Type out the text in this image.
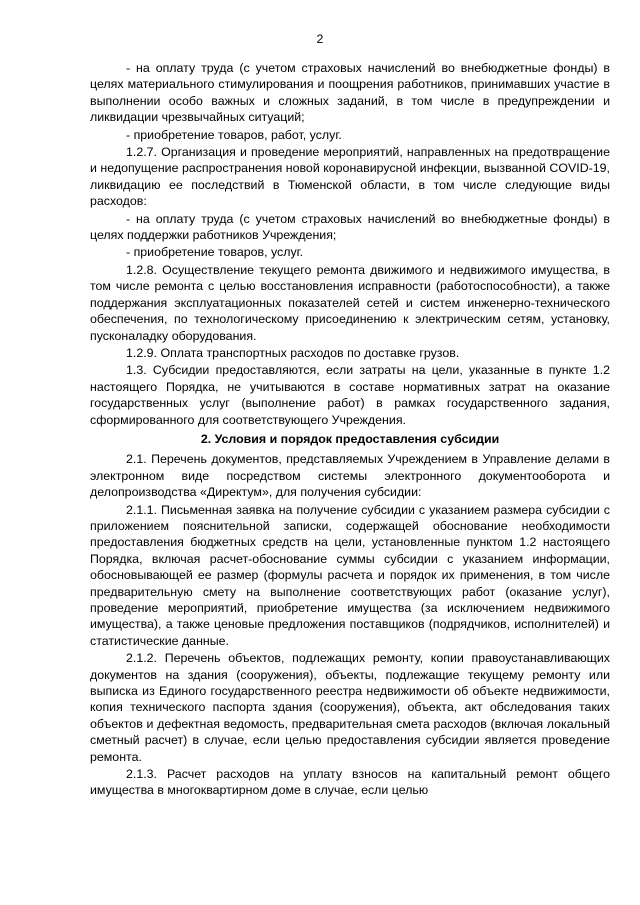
2

- на оплату труда (с учетом страховых начислений во внебюджетные фонды) в целях материального стимулирования и поощрения работников, принимавших участие в выполнении особо важных и сложных заданий, в том числе в предупреждении и ликвидации чрезвычайных ситуаций;

- приобретение товаров, работ, услуг.

1.2.7. Организация и проведение мероприятий, направленных на предотвращение и недопущение распространения новой коронавирусной инфекции, вызванной COVID-19, ликвидацию ее последствий в Тюменской области, в том числе следующие виды расходов:

- на оплату труда (с учетом страховых начислений во внебюджетные фонды) в целях поддержки работников Учреждения;

- приобретение товаров, услуг.

1.2.8. Осуществление текущего ремонта движимого и недвижимого имущества, в том числе ремонта с целью восстановления исправности (работоспособности), а также поддержания эксплуатационных показателей сетей и систем инженерно-технического обеспечения, по технологическому присоединению к электрическим сетям, установку, пусконаладку оборудования.

1.2.9. Оплата транспортных расходов по доставке грузов.

1.3. Субсидии предоставляются, если затраты на цели, указанные в пункте 1.2 настоящего Порядка, не учитываются в составе нормативных затрат на оказание государственных услуг (выполнение работ) в рамках государственного задания, сформированного для соответствующего Учреждения.

2. Условия и порядок предоставления субсидии

2.1. Перечень документов, представляемых Учреждением в Управление делами в электронном виде посредством системы электронного документооборота и делопроизводства «Директум», для получения субсидии:

2.1.1. Письменная заявка на получение субсидии с указанием размера субсидии с приложением пояснительной записки, содержащей обоснование необходимости предоставления бюджетных средств на цели, установленные пунктом 1.2 настоящего Порядка, включая расчет-обоснование суммы субсидии с указанием информации, обосновывающей ее размер (формулы расчета и порядок их применения, в том числе предварительную смету на выполнение соответствующих работ (оказание услуг), проведение мероприятий, приобретение имущества (за исключением недвижимого имущества), а также ценовые предложения поставщиков (подрядчиков, исполнителей) и статистические данные.

2.1.2. Перечень объектов, подлежащих ремонту, копии правоустанавливающих документов на здания (сооружения), объекты, подлежащие текущему ремонту или выписка из Единого государственного реестра недвижимости об объекте недвижимости, копия технического паспорта здания (сооружения), объекта, акт обследования таких объектов и дефектная ведомость, предварительная смета расходов (включая локальный сметный расчет) в случае, если целью предоставления субсидии является проведение ремонта.

2.1.3. Расчет расходов на уплату взносов на капитальный ремонт общего имущества в многоквартирном доме в случае, если целью
